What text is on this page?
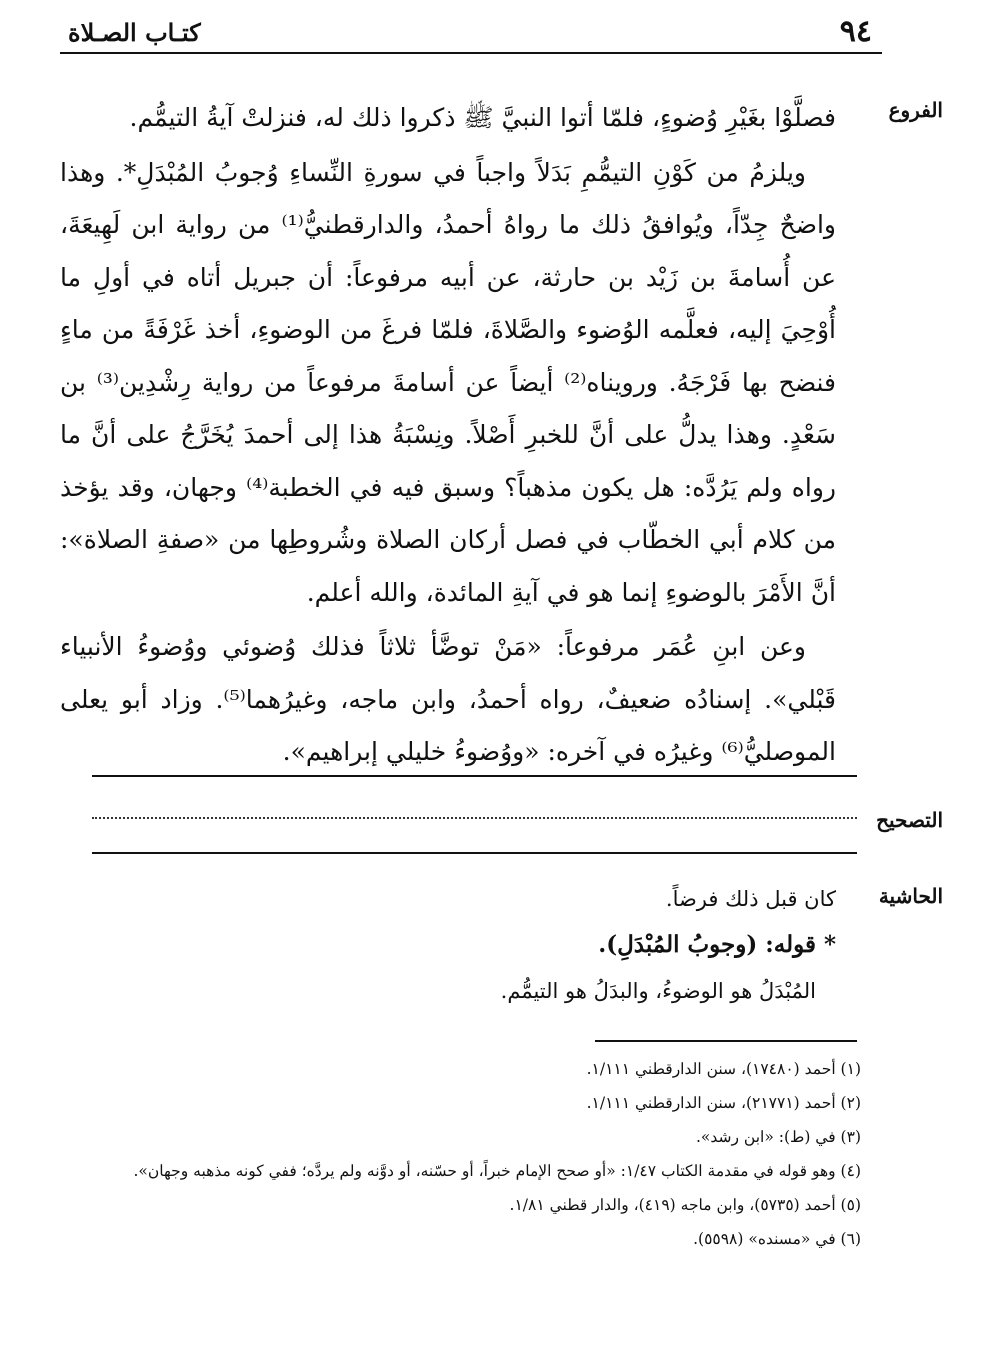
٩٤
كتـاب الصـلاة
الفروع
التصحيح
الحاشية

فصلَّوْا بغَيْرِ وُضوءٍ، فلمّا أتوا النبيَّ ﷺ ذكروا ذلك له، فنزلتْ آيةُ التيمُّم.

ويلزمُ من كَوْنِ التيمُّمِ بَدَلاً واجباً في سورةِ النِّساءِ وُجوبُ المُبْدَلِ*. وهذا واضحٌ جِدّاً، ويُوافقُ ذلك ما رواهُ أحمدُ، والدارقطنيُّ⁽¹⁾ من رواية ابن لَهِيعَةَ، عن أُسامةَ بن زَيْد بن حارثة، عن أبيه مرفوعاً: أن جبريل أتاه في أولِ ما أُوْحِيَ إليه، فعلَّمه الوُضوء والصَّلاةَ، فلمّا فرغَ من الوضوءِ، أخذ غَرْفَةً من ماءٍ فنضح بها فَرْجَهُ. ورويناه⁽²⁾ أيضاً عن أسامةَ مرفوعاً من رواية رِشْدِين⁽³⁾ بن سَعْدٍ. وهذا يدلُّ على أنَّ للخبرِ أَصْلاً. ونِسْبَةُ هذا إلى أحمدَ يُخَرَّجُ على أنَّ ما رواه ولم يَرُدَّه: هل يكون مذهباً؟ وسبق فيه في الخطبة⁽⁴⁾ وجهان، وقد يؤخذ من كلام أبي الخطّاب في فصل أركان الصلاة وشُروطِها من «صفةِ الصلاة»: أنَّ الأَمْرَ بالوضوءِ إنما هو في آيةِ المائدة، والله أعلم.

وعن ابنِ عُمَر مرفوعاً: «مَنْ توضَّأ ثلاثاً فذلك وُضوئي ووُضوءُ الأنبياء قَبْلي». إسنادُه ضعيفٌ، رواه أحمدُ، وابن ماجه، وغيرُهما⁽⁵⁾. وزاد أبو يعلى الموصليُّ⁽⁶⁾ وغيرُه في آخره: «ووُضوءُ خليلي إبراهيم».

كان قبل ذلك فرضاً.
* قوله: (وجوبُ المُبْدَلِ).
المُبْدَلُ هو الوضوءُ، والبدَلُ هو التيمُّم.
(١) أحمد (١٧٤٨٠)، سنن الدارقطني ١/١١١.
(٢) أحمد (٢١٧٧١)، سنن الدارقطني ١/١١١.
(٣) في (ط): «ابن رشد».
(٤) وهو قوله في مقدمة الكتاب ١/٤٧: «أو صحح الإمام خبراً، أو حسّنه، أو دوَّنه ولم يردَّه؛ ففي كونه مذهبه وجهان».
(٥) أحمد (٥٧٣٥)، وابن ماجه (٤١٩)، والدار قطني ١/٨١.
(٦) في «مسنده» (٥٥٩٨).
